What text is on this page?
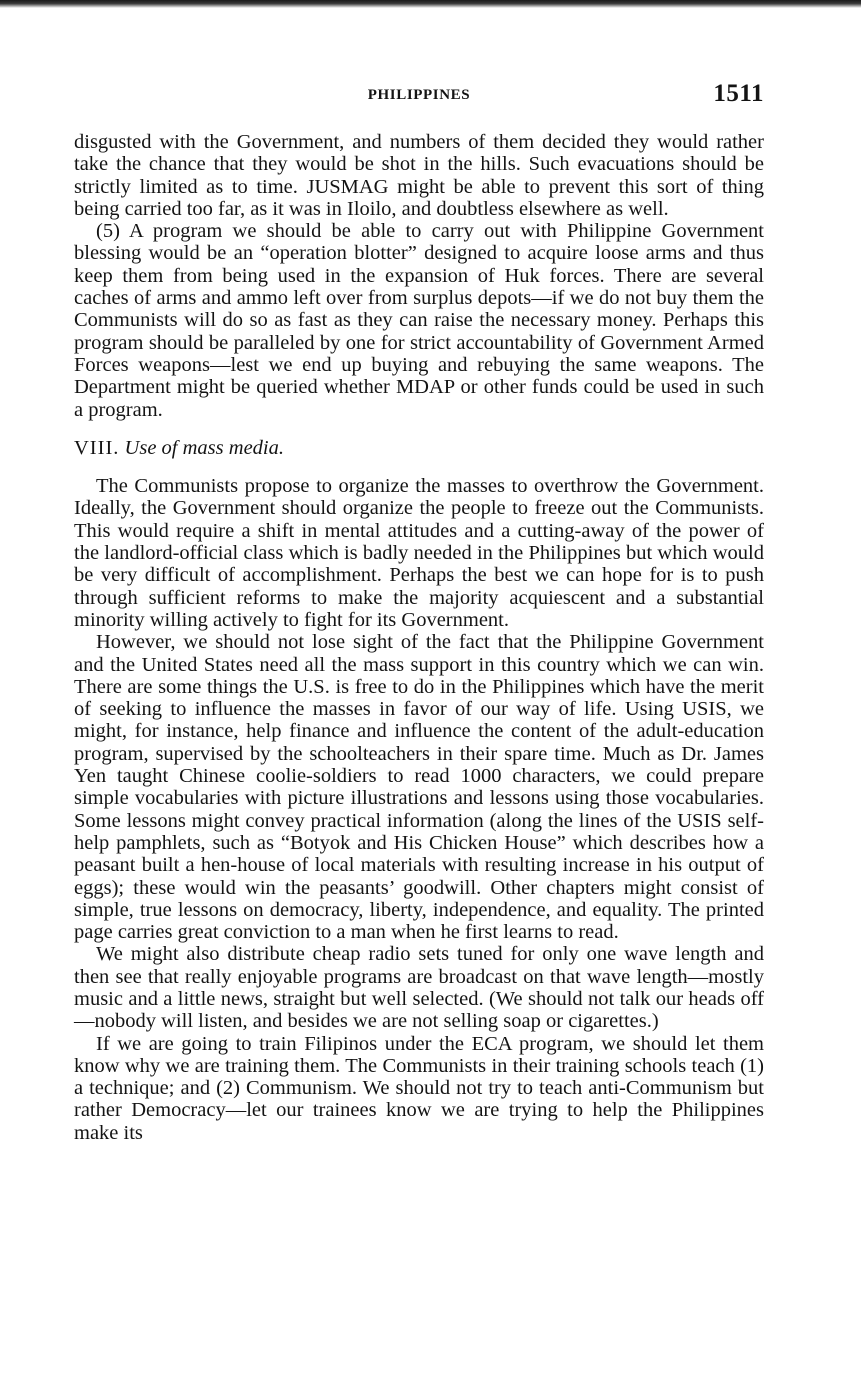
PHILIPPINES	1511

disgusted with the Government, and numbers of them decided they would rather take the chance that they would be shot in the hills. Such evacuations should be strictly limited as to time. JUSMAG might be able to prevent this sort of thing being carried too far, as it was in Iloilo, and doubtless elsewhere as well.

(5) A program we should be able to carry out with Philippine Government blessing would be an “operation blotter” designed to acquire loose arms and thus keep them from being used in the expansion of Huk forces. There are several caches of arms and ammo left over from surplus depots—if we do not buy them the Communists will do so as fast as they can raise the necessary money. Perhaps this program should be paralleled by one for strict accountability of Government Armed Forces weapons—lest we end up buying and rebuying the same weapons. The Department might be queried whether MDAP or other funds could be used in such a program.

VIII. Use of mass media.

The Communists propose to organize the masses to overthrow the Government. Ideally, the Government should organize the people to freeze out the Communists. This would require a shift in mental attitudes and a cutting-away of the power of the landlord-official class which is badly needed in the Philippines but which would be very difficult of accomplishment. Perhaps the best we can hope for is to push through sufficient reforms to make the majority acquiescent and a substantial minority willing actively to fight for its Government.

However, we should not lose sight of the fact that the Philippine Government and the United States need all the mass support in this country which we can win. There are some things the U.S. is free to do in the Philippines which have the merit of seeking to influence the masses in favor of our way of life. Using USIS, we might, for instance, help finance and influence the content of the adult-education program, supervised by the schoolteachers in their spare time. Much as Dr. James Yen taught Chinese coolie-soldiers to read 1000 characters, we could prepare simple vocabularies with picture illustrations and lessons using those vocabularies. Some lessons might convey practical information (along the lines of the USIS self-help pamphlets, such as “Botyok and His Chicken House” which describes how a peasant built a hen-house of local materials with resulting increase in his output of eggs); these would win the peasants’ goodwill. Other chapters might consist of simple, true lessons on democracy, liberty, independence, and equality. The printed page carries great conviction to a man when he first learns to read.

We might also distribute cheap radio sets tuned for only one wave length and then see that really enjoyable programs are broadcast on that wave length—mostly music and a little news, straight but well selected. (We should not talk our heads off—nobody will listen, and besides we are not selling soap or cigarettes.)

If we are going to train Filipinos under the ECA program, we should let them know why we are training them. The Communists in their training schools teach (1) a technique; and (2) Communism. We should not try to teach anti-Communism but rather Democracy—let our trainees know we are trying to help the Philippines make its
